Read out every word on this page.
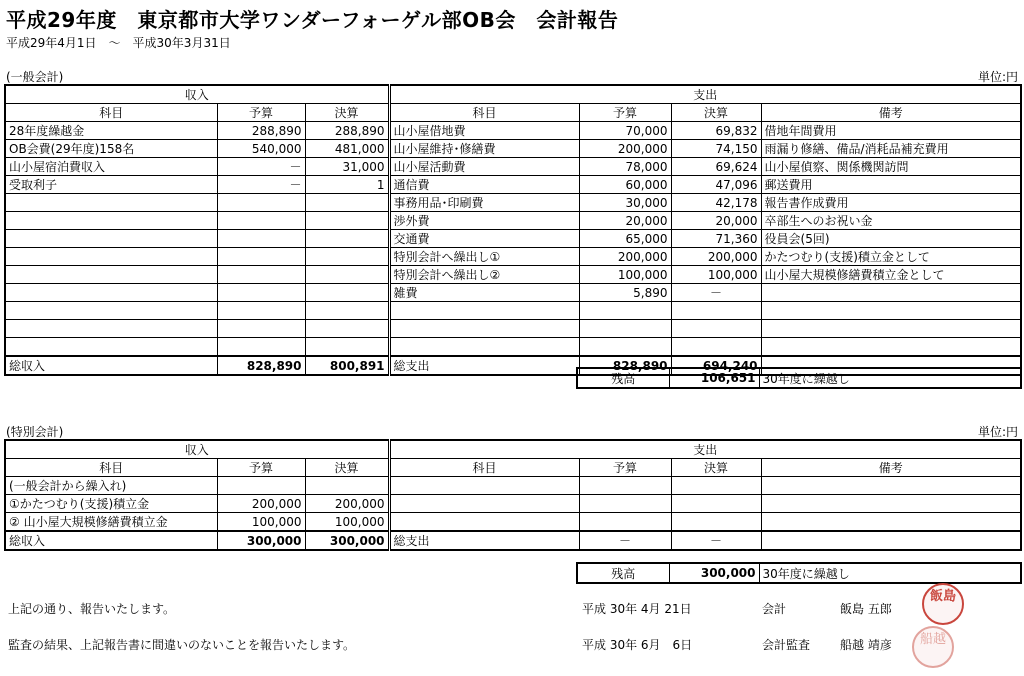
平成29年度　東京都市大学ワンダーフォーゲル部OB会　会計報告
平成29年4月1日　～　平成30年3月31日
(一般会計)	単位:円
収入			支出			
科目	予算	決算	科目	予算	決算	備考
28年度繰越金	288,890	288,890	山小屋借地費	70,000	69,832	借地年間費用
OB会費(29年度)158名	540,000	481,000	山小屋維持･修繕費	200,000	74,150	雨漏り修繕、備品/消耗品補充費用
山小屋宿泊費収入	－	31,000	山小屋活動費	78,000	69,624	山小屋偵察、関係機関訪問
受取利子	－	1	通信費	60,000	47,096	郵送費用
			事務用品･印刷費	30,000	42,178	報告書作成費用
			渉外費	20,000	20,000	卒部生へのお祝い金
			交通費	65,000	71,360	役員会(5回)
			特別会計へ繰出し①	200,000	200,000	かたつむり(支援)積立金として
			特別会計へ繰出し②	100,000	100,000	山小屋大規模修繕費積立金として
			雑費	5,890	－	

総収入	828,890	800,891	総支出	828,890	694,240	
残高	106,651	30年度に繰越し
(特別会計)	単位:円
収入			支出			
科目	予算	決算	科目	予算	決算	備考
(一般会計から繰入れ)						
①かたつむり(支援)積立金	200,000	200,000				
② 山小屋大規模修繕費積立金	100,000	100,000				
総収入	300,000	300,000	総支出	－	－	
残高	300,000	30年度に繰越し
上記の通り、報告いたします。	平成 30年 4月 21日	会計	飯島 五郎
飯島
監査の結果、上記報告書に間違いのないことを報告いたします。	平成 30年 6月　6日	会計監査 船越 靖彦	船越
